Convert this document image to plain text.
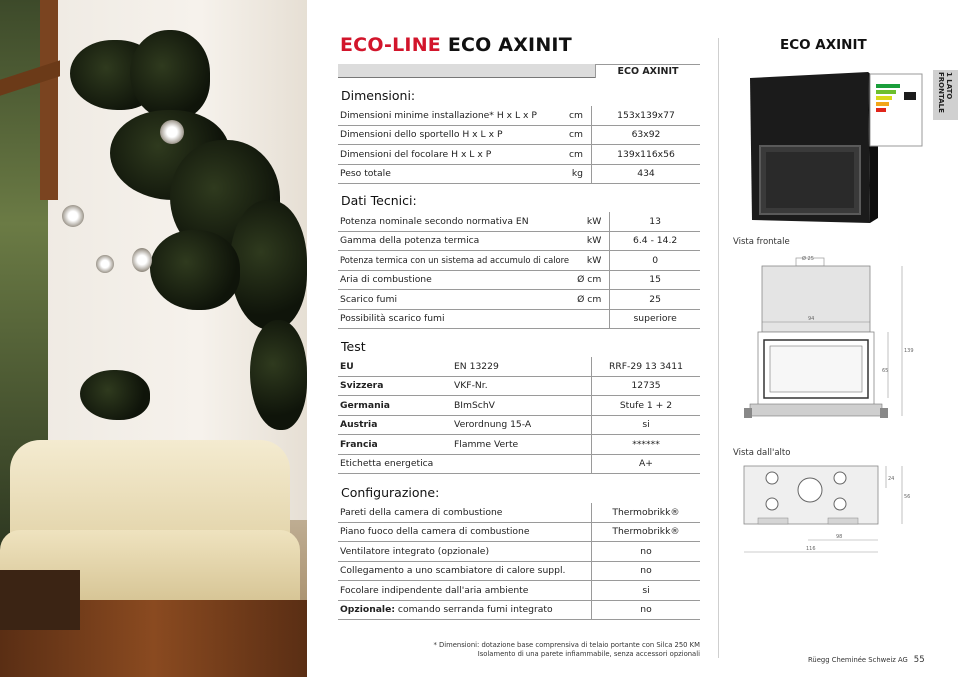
ECO-LINE ECO AXINIT
ECO AXINIT
Dimensioni:
Dimensioni minime installazione* H x L x P	cm	153x139x77
Dimensioni dello sportello H x L x P	cm	63x92
Dimensioni del focolare H x L x P	cm	139x116x56
Peso totale	kg	434
Dati Tecnici:
Potenza nominale secondo normativa EN	kW	13
Gamma della potenza termica	kW	6.4 - 14.2
Potenza termica con un sistema ad accumulo di calore	kW	0
Aria di combustione	Ø cm	15
Scarico fumi	Ø cm	25
Possibilità scarico fumi		superiore
Test
EU	EN 13229	RRF-29 13 3411
Svizzera	VKF-Nr.	12735
Germania	BImSchV	Stufe 1 + 2
Austria	Verordnung 15-A	si
Francia	Flamme Verte	******
Etichetta energetica		A+
Configurazione:
Pareti della camera di combustione	Thermobrikk®
Piano fuoco della camera di combustione	Thermobrikk®
Ventilatore integrato (opzionale)	no
Collegamento a uno scambiatore di calore suppl.	no
Focolare indipendente dall'aria ambiente	si
Opzionale: comando serranda fumi integrato	no
* Dimensioni: dotazione base comprensiva di telaio portante con Silca 250 KM
Isolamento di una parete infiammabile, senza accessori opzionali
ECO AXINIT
1 LATO FRONTALE
Vista frontale
Ø 25
94
139
65
Vista dall'alto
24
56
98
116
Rüegg Cheminée Schweiz AG 55
